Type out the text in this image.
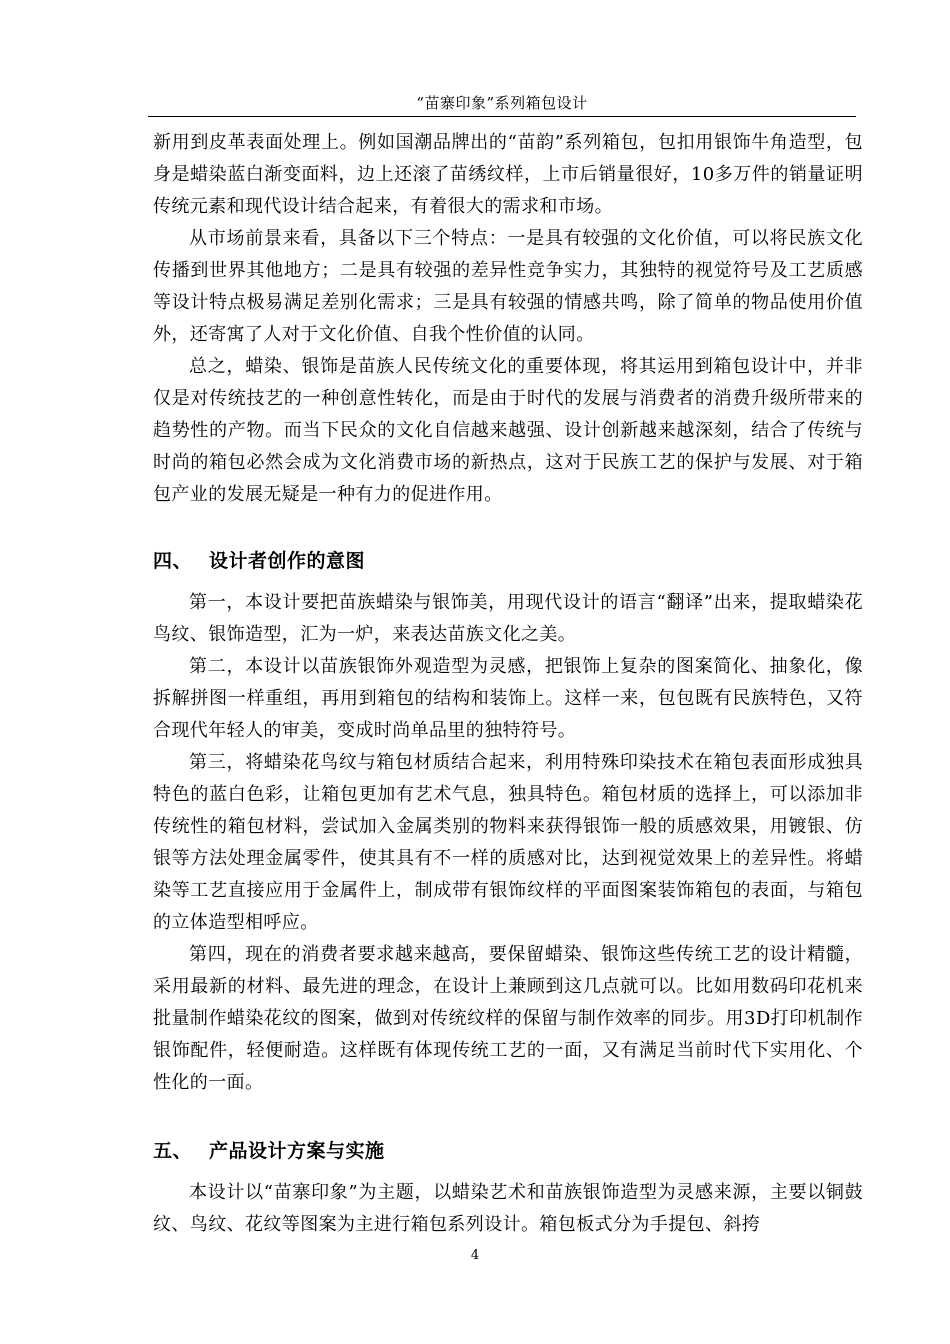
“苗寨印象”系列箱包设计

新用到皮革表面处理上。例如国潮品牌出的“苗韵”系列箱包，包扣用银饰牛角造型，包身是蜡染蓝白渐变面料，边上还滚了苗绣纹样，上市后销量很好，10多万件的销量证明传统元素和现代设计结合起来，有着很大的需求和市场。

从市场前景来看，具备以下三个特点：一是具有较强的文化价值，可以将民族文化传播到世界其他地方；二是具有较强的差异性竞争实力，其独特的视觉符号及工艺质感等设计特点极易满足差别化需求；三是具有较强的情感共鸣，除了简单的物品使用价值外，还寄寓了人对于文化价值、自我个性价值的认同。

总之，蜡染、银饰是苗族人民传统文化的重要体现，将其运用到箱包设计中，并非仅是对传统技艺的一种创意性转化，而是由于时代的发展与消费者的消费升级所带来的趋势性的产物。而当下民众的文化自信越来越强、设计创新越来越深刻，结合了传统与时尚的箱包必然会成为文化消费市场的新热点，这对于民族工艺的保护与发展、对于箱包产业的发展无疑是一种有力的促进作用。

四、 设计者创作的意图

第一，本设计要把苗族蜡染与银饰美，用现代设计的语言“翻译”出来，提取蜡染花鸟纹、银饰造型，汇为一炉，来表达苗族文化之美。

第二，本设计以苗族银饰外观造型为灵感，把银饰上复杂的图案简化、抽象化，像拆解拼图一样重组，再用到箱包的结构和装饰上。这样一来，包包既有民族特色，又符合现代年轻人的审美，变成时尚单品里的独特符号。

第三，将蜡染花鸟纹与箱包材质结合起来，利用特殊印染技术在箱包表面形成独具特色的蓝白色彩，让箱包更加有艺术气息，独具特色。箱包材质的选择上，可以添加非传统性的箱包材料，尝试加入金属类别的物料来获得银饰一般的质感效果，用镀银、仿银等方法处理金属零件，使其具有不一样的质感对比，达到视觉效果上的差异性。将蜡染等工艺直接应用于金属件上，制成带有银饰纹样的平面图案装饰箱包的表面，与箱包的立体造型相呼应。

第四，现在的消费者要求越来越高，要保留蜡染、银饰这些传统工艺的设计精髓，采用最新的材料、最先进的理念，在设计上兼顾到这几点就可以。比如用数码印花机来批量制作蜡染花纹的图案，做到对传统纹样的保留与制作效率的同步。用3D打印机制作银饰配件，轻便耐造。这样既有体现传统工艺的一面，又有满足当前时代下实用化、个性化的一面。

五、 产品设计方案与实施

本设计以“苗寨印象”为主题，以蜡染艺术和苗族银饰造型为灵感来源，主要以铜鼓纹、鸟纹、花纹等图案为主进行箱包系列设计。箱包板式分为手提包、斜挎

4
